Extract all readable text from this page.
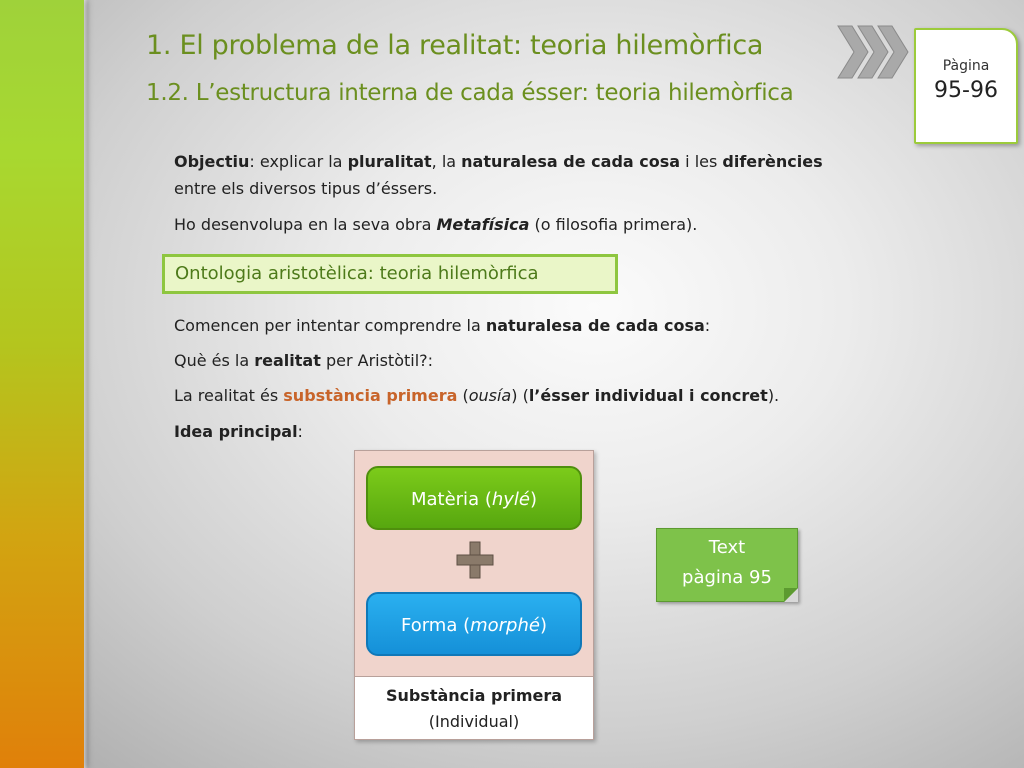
1. El problema de la realitat: teoria hilemòrfica
1.2. L’estructura interna de cada ésser: teoria hilemòrfica
Pàgina
95-96
Objectiu: explicar la pluralitat, la naturalesa de cada cosa i les diferències
entre els diversos tipus d’éssers.
Ho desenvolupa en la seva obra Metafísica (o filosofia primera).
Ontologia aristotèlica: teoria hilemòrfica
Comencen per intentar comprendre la naturalesa de cada cosa:
Què és la realitat per Aristòtil?:
La realitat és substància primera (ousía) (l’ésser individual i concret).
Idea principal:
Matèria (hylé)
Forma (morphé)
Substància primera
(Individual)
Text
pàgina 95
